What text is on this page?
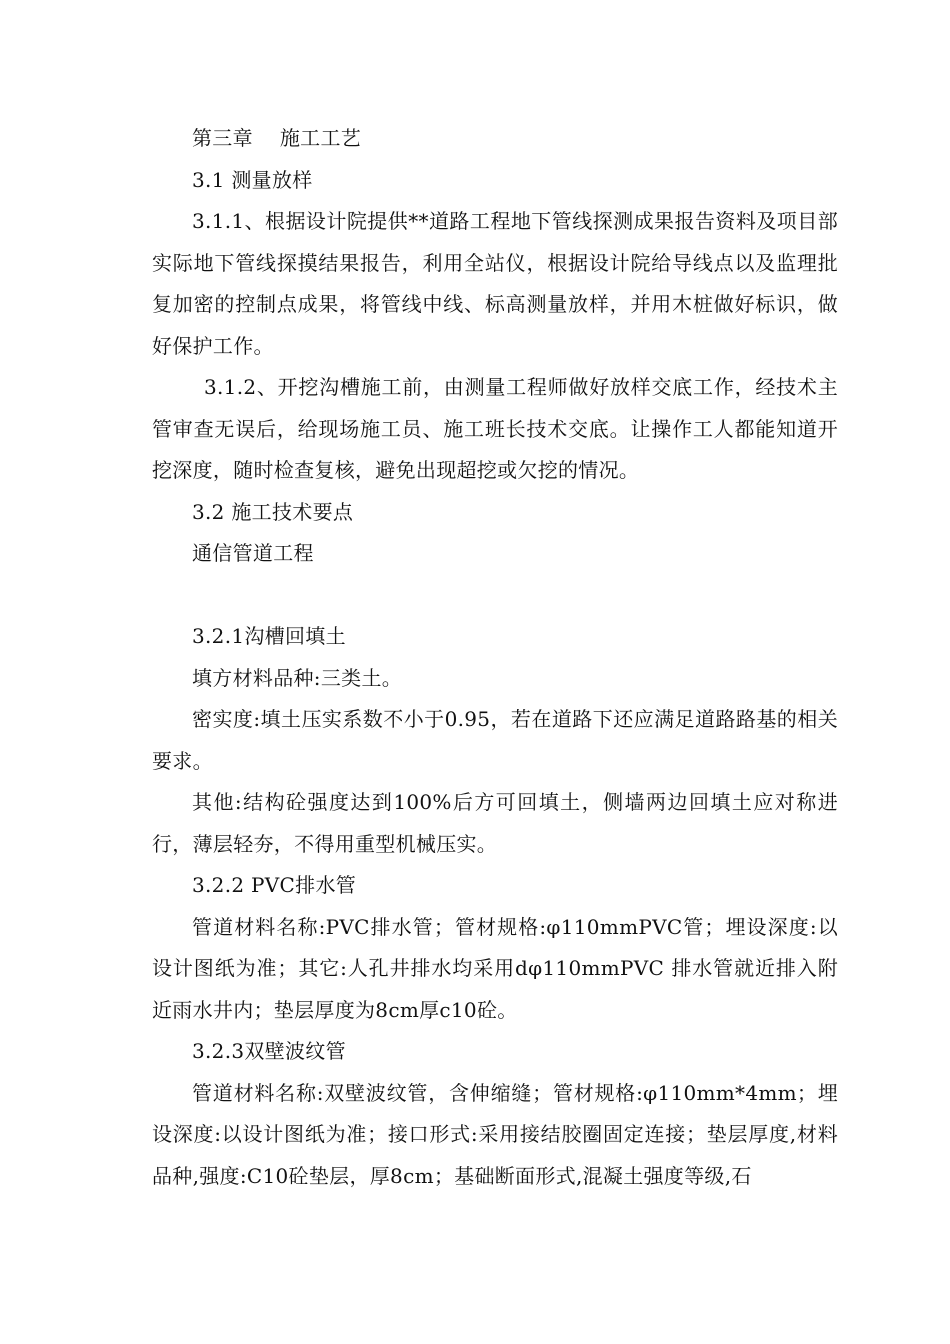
第三章　 施工工艺

3.1 测量放样

3.1.1、根据设计院提供**道路工程地下管线探测成果报告资料及项目部实际地下管线探摸结果报告，利用全站仪，根据设计院给导线点以及监理批复加密的控制点成果，将管线中线、标高测量放样，并用木桩做好标识，做好保护工作。

3.1.2、开挖沟槽施工前，由测量工程师做好放样交底工作，经技术主管审查无误后，给现场施工员、施工班长技术交底。让操作工人都能知道开挖深度，随时检查复核，避免出现超挖或欠挖的情况。

3.2 施工技术要点

通信管道工程

3.2.1沟槽回填土

填方材料品种:三类土。

密实度:填土压实系数不小于0.95，若在道路下还应满足道路路基的相关要求。

其他:结构砼强度达到100%后方可回填土，侧墙两边回填土应对称进行，薄层轻夯，不得用重型机械压实。

3.2.2 PVC排水管

管道材料名称:PVC排水管；管材规格:φ110mmPVC管；埋设深度:以设计图纸为准；其它:人孔井排水均采用dφ110mmPVC 排水管就近排入附近雨水井内；垫层厚度为8cm厚c10砼。

3.2.3双壁波纹管

管道材料名称:双壁波纹管，含伸缩缝；管材规格:φ110mm*4mm；埋设深度:以设计图纸为准；接口形式:采用接结胶圈固定连接；垫层厚度,材料品种,强度:C10砼垫层，厚8cm；基础断面形式,混凝土强度等级,石
